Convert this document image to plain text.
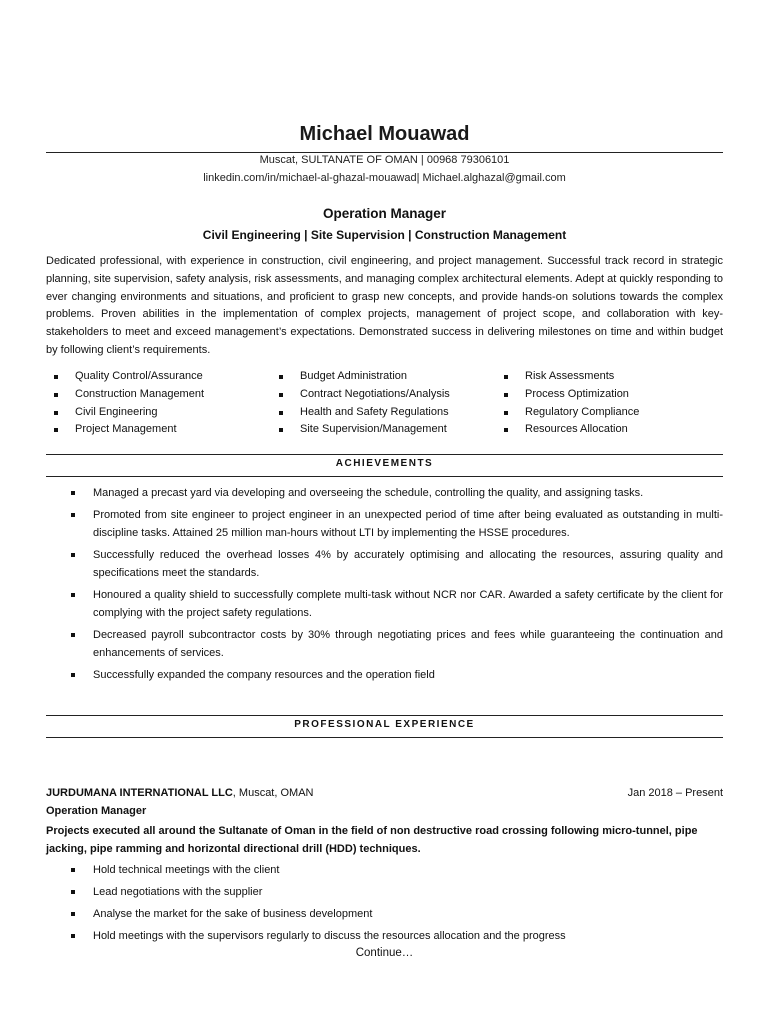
Michael Mouawad
Muscat, SULTANATE OF OMAN | 00968 79306101
linkedin.com/in/michael-al-ghazal-mouawad| Michael.alghazal@gmail.com
Operation Manager
Civil Engineering | Site Supervision | Construction Management
Dedicated professional, with experience in construction, civil engineering, and project management. Successful track record in strategic planning, site supervision, safety analysis, risk assessments, and managing complex architectural elements. Adept at quickly responding to ever changing environments and situations, and proficient to grasp new concepts, and provide hands-on solutions towards the complex problems. Proven abilities in the implementation of complex projects, management of project scope, and collaboration with key-stakeholders to meet and exceed management’s expectations. Demonstrated success in delivering milestones on time and within budget by following client’s requirements.
Quality Control/Assurance
Construction Management
Civil Engineering
Project Management
Budget Administration
Contract Negotiations/Analysis
Health and Safety Regulations
Site Supervision/Management
Risk Assessments
Process Optimization
Regulatory Compliance
Resources Allocation
ACHIEVEMENTS
Managed a precast yard via developing and overseeing the schedule, controlling the quality, and assigning tasks.
Promoted from site engineer to project engineer in an unexpected period of time after being evaluated as outstanding in multi-discipline tasks. Attained 25 million man-hours without LTI by implementing the HSSE procedures.
Successfully reduced the overhead losses 4% by accurately optimising and allocating the resources, assuring quality and specifications meet the standards.
Honoured a quality shield to successfully complete multi-task without NCR nor CAR. Awarded a safety certificate by the client for complying with the project safety regulations.
Decreased payroll subcontractor costs by 30% through negotiating prices and fees while guaranteeing the continuation and enhancements of services.
Successfully expanded the company resources and the operation field
PROFESSIONAL EXPERIENCE
JURDUMANA INTERNATIONAL LLC, Muscat, OMAN	Jan 2018 – Present
Operation Manager
Projects executed all around the Sultanate of Oman in the field of non destructive road crossing following micro-tunnel, pipe jacking, pipe ramming and horizontal directional drill (HDD) techniques.
Hold technical meetings with the client
Lead negotiations with the supplier
Analyse the market for the sake of business development
Hold meetings with the supervisors regularly to discuss the resources allocation and the progress
Continue…
